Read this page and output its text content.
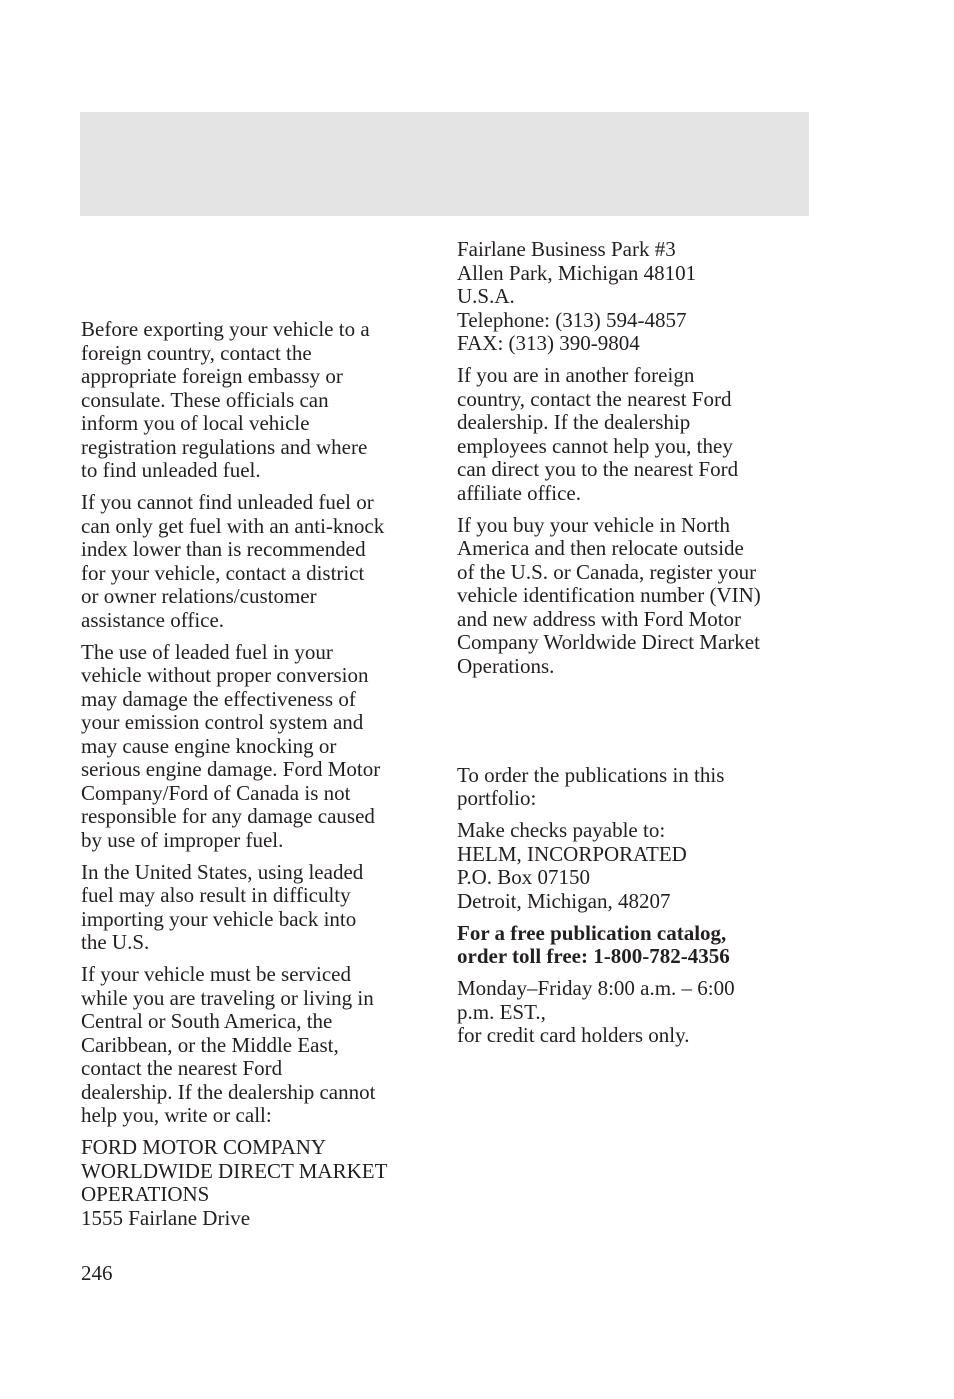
Before exporting your vehicle to a
foreign country, contact the
appropriate foreign embassy or
consulate. These officials can
inform you of local vehicle
registration regulations and where
to find unleaded fuel.

If you cannot find unleaded fuel or
can only get fuel with an anti-knock
index lower than is recommended
for your vehicle, contact a district
or owner relations/customer
assistance office.

The use of leaded fuel in your
vehicle without proper conversion
may damage the effectiveness of
your emission control system and
may cause engine knocking or
serious engine damage. Ford Motor
Company/Ford of Canada is not
responsible for any damage caused
by use of improper fuel.

In the United States, using leaded
fuel may also result in difficulty
importing your vehicle back into
the U.S.

If your vehicle must be serviced
while you are traveling or living in
Central or South America, the
Caribbean, or the Middle East,
contact the nearest Ford
dealership. If the dealership cannot
help you, write or call:

FORD MOTOR COMPANY
WORLDWIDE DIRECT MARKET
OPERATIONS
1555 Fairlane Drive

Fairlane Business Park #3
Allen Park, Michigan 48101
U.S.A.
Telephone: (313) 594-4857
FAX: (313) 390-9804

If you are in another foreign
country, contact the nearest Ford
dealership. If the dealership
employees cannot help you, they
can direct you to the nearest Ford
affiliate office.

If you buy your vehicle in North
America and then relocate outside
of the U.S. or Canada, register your
vehicle identification number (VIN)
and new address with Ford Motor
Company Worldwide Direct Market
Operations.

To order the publications in this
portfolio:

Make checks payable to:
HELM, INCORPORATED
P.O. Box 07150
Detroit, Michigan, 48207

For a free publication catalog,
order toll free: 1-800-782-4356

Monday–Friday 8:00 a.m. – 6:00
p.m. EST.,
for credit card holders only.

246
